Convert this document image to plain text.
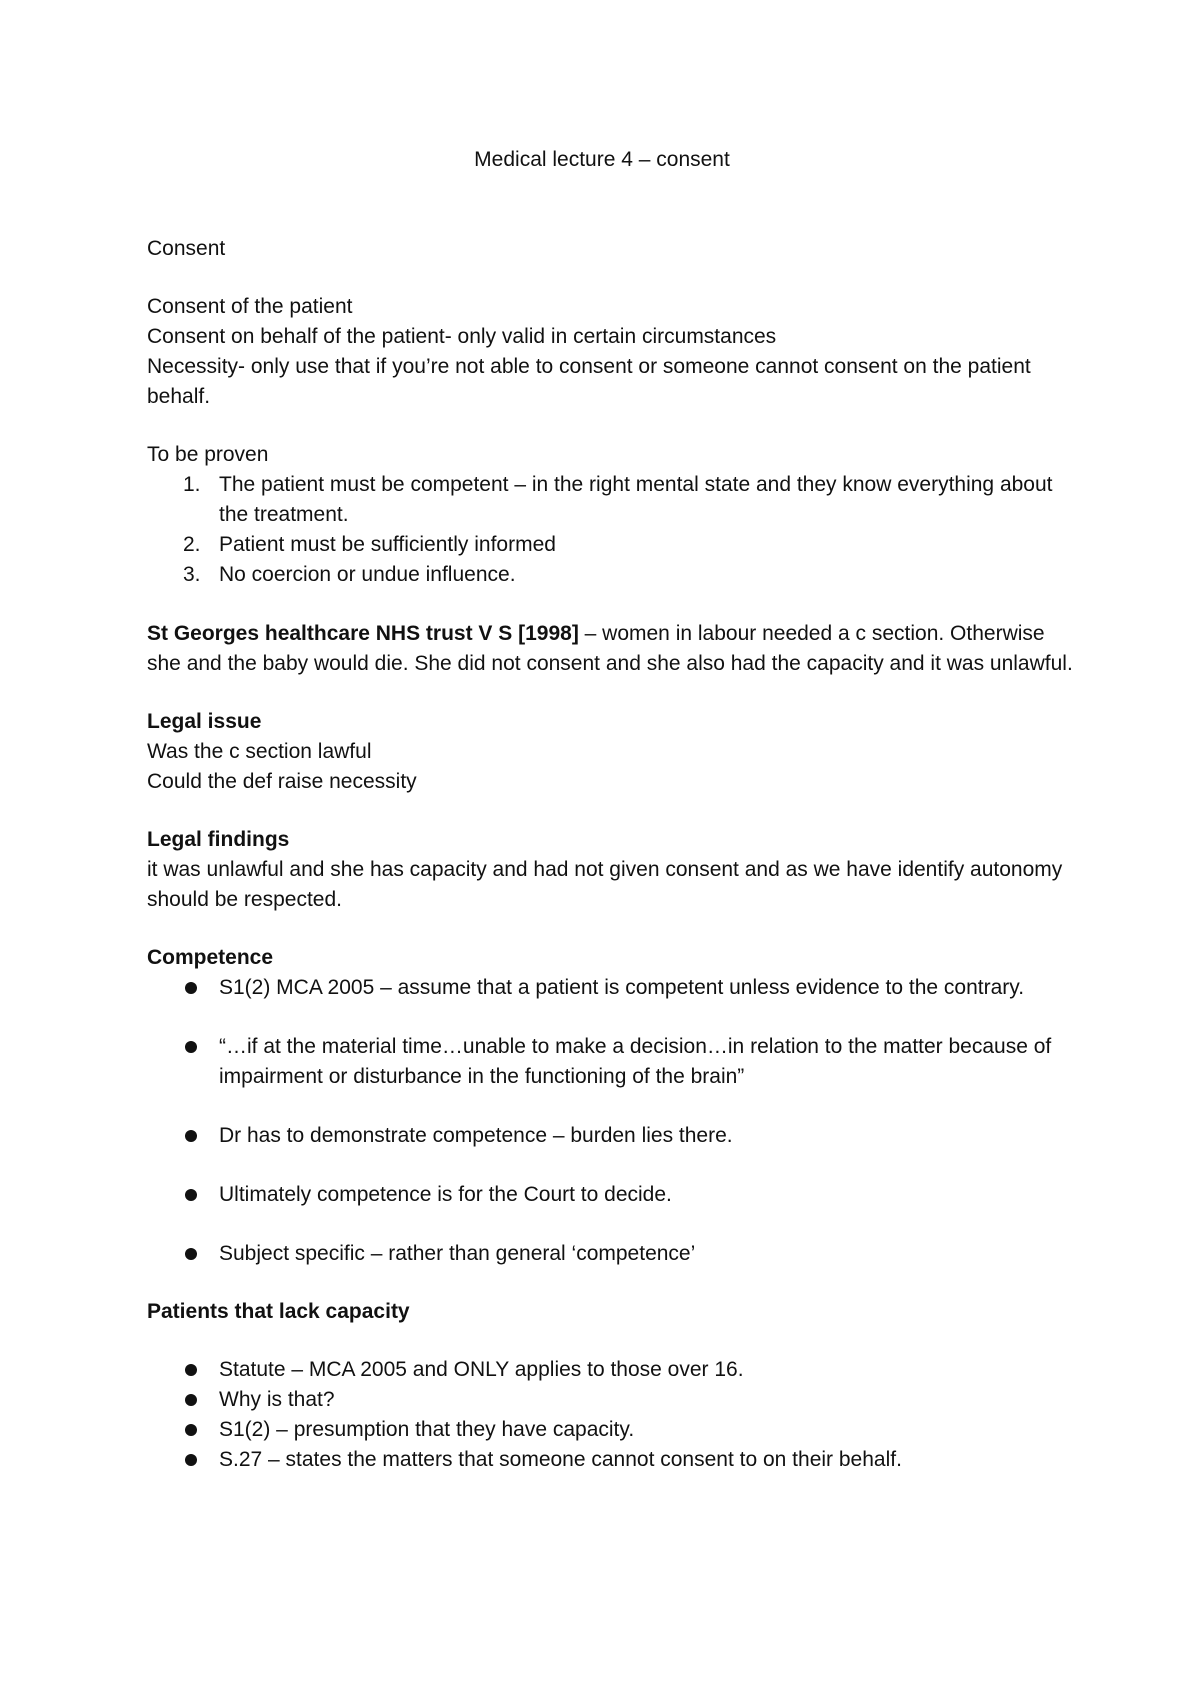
Medical lecture 4 – consent

Consent

Consent of the patient

Consent on behalf of the patient- only valid in certain circumstances

Necessity- only use that if you’re not able to consent or someone cannot consent on the patient behalf.

To be proven

1. The patient must be competent – in the right mental state and they know everything about the treatment.
2. Patient must be sufficiently informed
3. No coercion or undue influence.

St Georges healthcare NHS trust V S [1998] – women in labour needed a c section. Otherwise she and the baby would die. She did not consent and she also had the capacity and it was unlawful.

Legal issue

Was the c section lawful

Could the def raise necessity

Legal findings

it was unlawful and she has capacity and had not given consent and as we have identify autonomy should be respected.

Competence

S1(2) MCA 2005 – assume that a patient is competent unless evidence to the contrary.
“…if at the material time…unable to make a decision…in relation to the matter because of impairment or disturbance in the functioning of the brain”
Dr has to demonstrate competence – burden lies there.
Ultimately competence is for the Court to decide.
Subject specific – rather than general ‘competence’

Patients that lack capacity

Statute – MCA 2005 and ONLY applies to those over 16.
Why is that?
S1(2) – presumption that they have capacity.
S.27 – states the matters that someone cannot consent to on their behalf.
